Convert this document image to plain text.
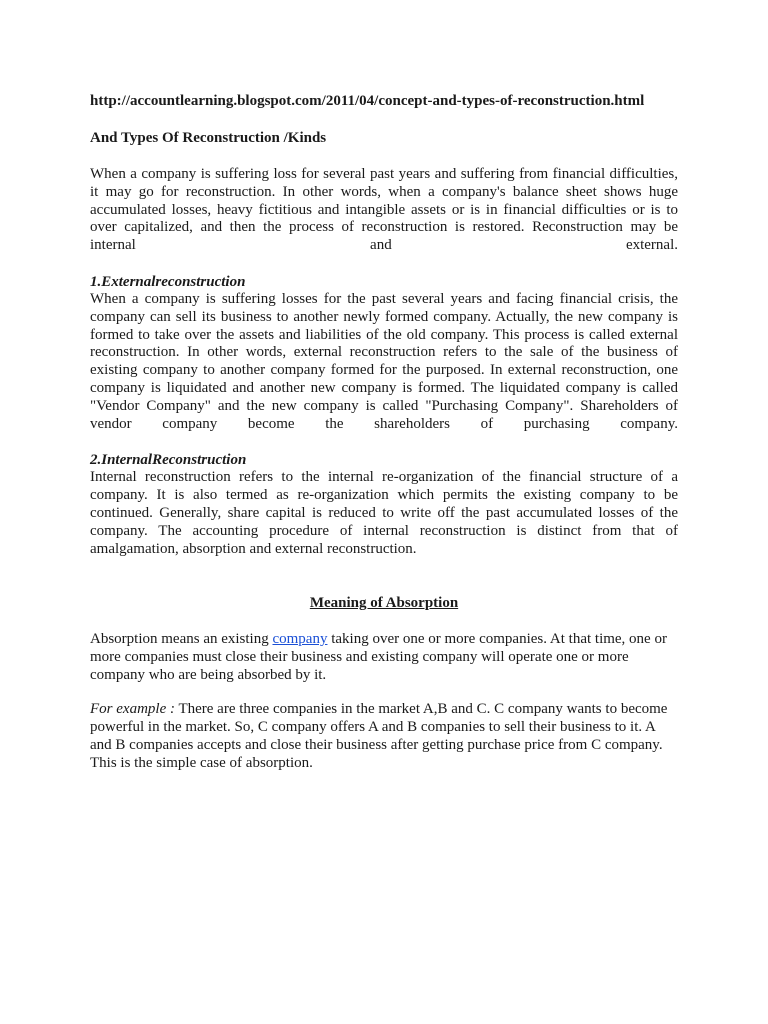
http://accountlearning.blogspot.com/2011/04/concept-and-types-of-reconstruction.html
And Types Of Reconstruction /Kinds

When a company is suffering loss for several past years and suffering from financial difficulties, it may go for reconstruction. In other words, when a company's balance sheet shows huge accumulated losses, heavy fictitious and intangible assets or is in financial difficulties or is to over capitalized, and then the process of reconstruction is restored. Reconstruction may be internal and external.

1.Externalreconstruction

When a company is suffering losses for the past several years and facing financial crisis, the company can sell its business to another newly formed company. Actually, the new company is formed to take over the assets and liabilities of the old company. This process is called external reconstruction. In other words, external reconstruction refers to the sale of the business of existing company to another company formed for the purposed. In external reconstruction, one company is liquidated and another new company is formed. The liquidated company is called "Vendor Company" and the new company is called "Purchasing Company". Shareholders of vendor company become the shareholders of purchasing company.

2.InternalReconstruction

Internal reconstruction refers to the internal re-organization of the financial structure of a company. It is also termed as re-organization which permits the existing company to be continued. Generally, share capital is reduced to write off the past accumulated losses of the company. The accounting procedure of internal reconstruction is distinct from that of amalgamation, absorption and external reconstruction.

Meaning of Absorption

Absorption means an existing company taking over one or more companies. At that time, one or more companies must close their business and existing company will operate one or more company who are being absorbed by it.

For example : There are three companies in the market A,B and C. C company wants to become powerful in the market. So, C company offers A and B companies to sell their business to it. A and B companies accepts and close their business after getting purchase price from C company. This is the simple case of absorption.
